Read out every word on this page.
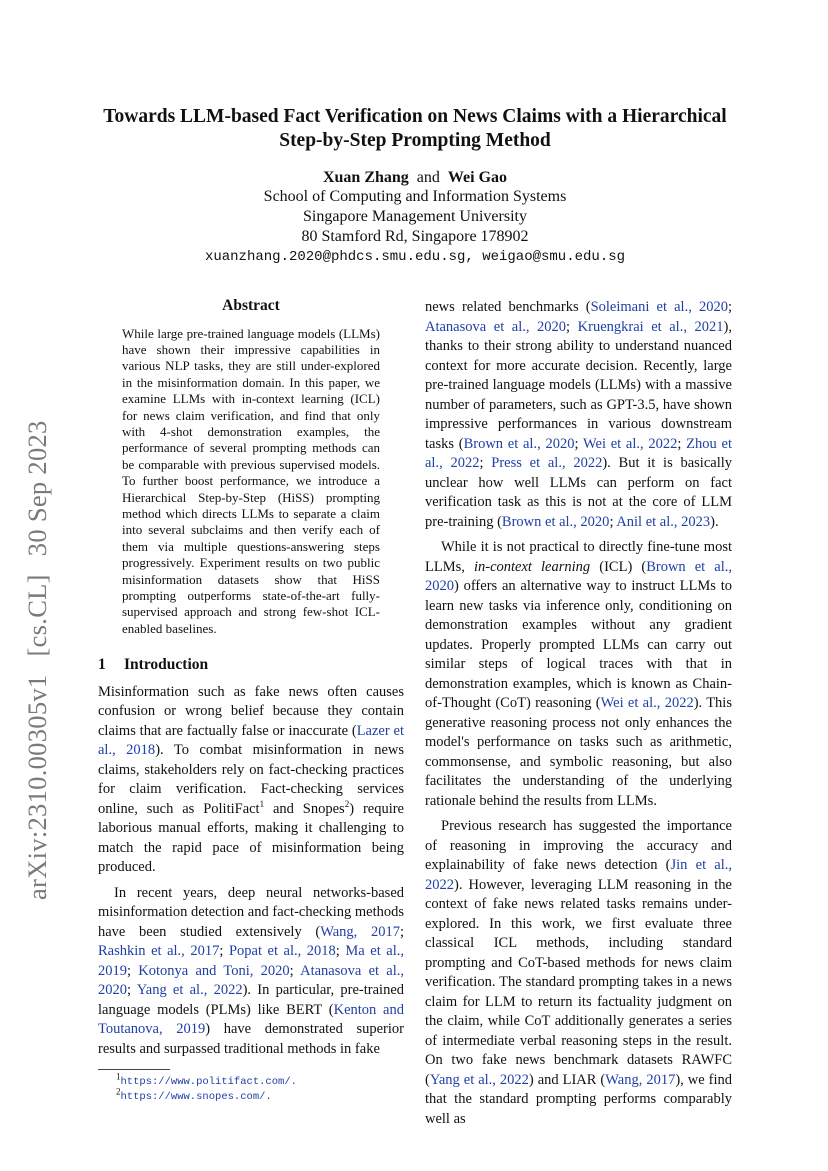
arXiv:2310.00305v1[cs.CL]30 Sep 2023
Towards LLM-based Fact Verification on News Claims with a Hierarchical
Step-by-Step Prompting Method
Xuan Zhang and Wei Gao
School of Computing and Information Systems
Singapore Management University
80 Stamford Rd, Singapore 178902
xuanzhang.2020@phdcs.smu.edu.sg, weigao@smu.edu.sg
Abstract
While large pre-trained language models (LLMs) have shown their impressive capabilities in various NLP tasks, they are still under-explored in the misinformation domain. In this paper, we examine LLMs with in-context learning (ICL) for news claim verification, and find that only with 4-shot demonstration examples, the performance of several prompting methods can be comparable with previous supervised models. To further boost performance, we introduce a Hierarchical Step-by-Step (HiSS) prompting method which directs LLMs to separate a claim into several subclaims and then verify each of them via multiple questions-answering steps progressively. Experiment results on two public misinformation datasets show that HiSS prompting outperforms state-of-the-art fully-supervised approach and strong few-shot ICL-enabled baselines.
1 Introduction

Misinformation such as fake news often causes confusion or wrong belief because they contain claims that are factually false or inaccurate (Lazer et al., 2018). To combat misinformation in news claims, stakeholders rely on fact-checking practices for claim verification. Fact-checking services online, such as PolitiFact$^1$ and Snopes$^2$) require laborious manual efforts, making it challenging to match the rapid pace of misinformation being produced.

In recent years, deep neural networks-based misinformation detection and fact-checking methods have been studied extensively (Wang, 2017; Rashkin et al., 2017; Popat et al., 2018; Ma et al., 2019; Kotonya and Toni, 2020; Atanasova et al., 2020; Yang et al., 2022). In particular, pre-trained language models (PLMs) like BERT (Kenton and Toutanova, 2019) have demonstrated superior results and surpassed traditional methods in fake

$^1$https://www.politifact.com/.
$^2$https://www.snopes.com/.

news related benchmarks (Soleimani et al., 2020; Atanasova et al., 2020; Kruengkrai et al., 2021), thanks to their strong ability to understand nuanced context for more accurate decision. Recently, large pre-trained language models (LLMs) with a massive number of parameters, such as GPT-3.5, have shown impressive performances in various downstream tasks (Brown et al., 2020; Wei et al., 2022; Zhou et al., 2022; Press et al., 2022). But it is basically unclear how well LLMs can perform on fact verification task as this is not at the core of LLM pre-training (Brown et al., 2020; Anil et al., 2023).

While it is not practical to directly fine-tune most LLMs, in-context learning (ICL) (Brown et al., 2020) offers an alternative way to instruct LLMs to learn new tasks via inference only, conditioning on demonstration examples without any gradient updates. Properly prompted LLMs can carry out similar steps of logical traces with that in demonstration examples, which is known as Chain-of-Thought (CoT) reasoning (Wei et al., 2022). This generative reasoning process not only enhances the model's performance on tasks such as arithmetic, commonsense, and symbolic reasoning, but also facilitates the understanding of the underlying rationale behind the results from LLMs.

Previous research has suggested the importance of reasoning in improving the accuracy and explainability of fake news detection (Jin et al., 2022). However, leveraging LLM reasoning in the context of fake news related tasks remains under-explored. In this work, we first evaluate three classical ICL methods, including standard prompting and CoT-based methods for news claim verification. The standard prompting takes in a news claim for LLM to return its factuality judgment on the claim, while CoT additionally generates a series of intermediate verbal reasoning steps in the result. On two fake news benchmark datasets RAWFC (Yang et al., 2022) and LIAR (Wang, 2017), we find that the standard prompting performs comparably well as
